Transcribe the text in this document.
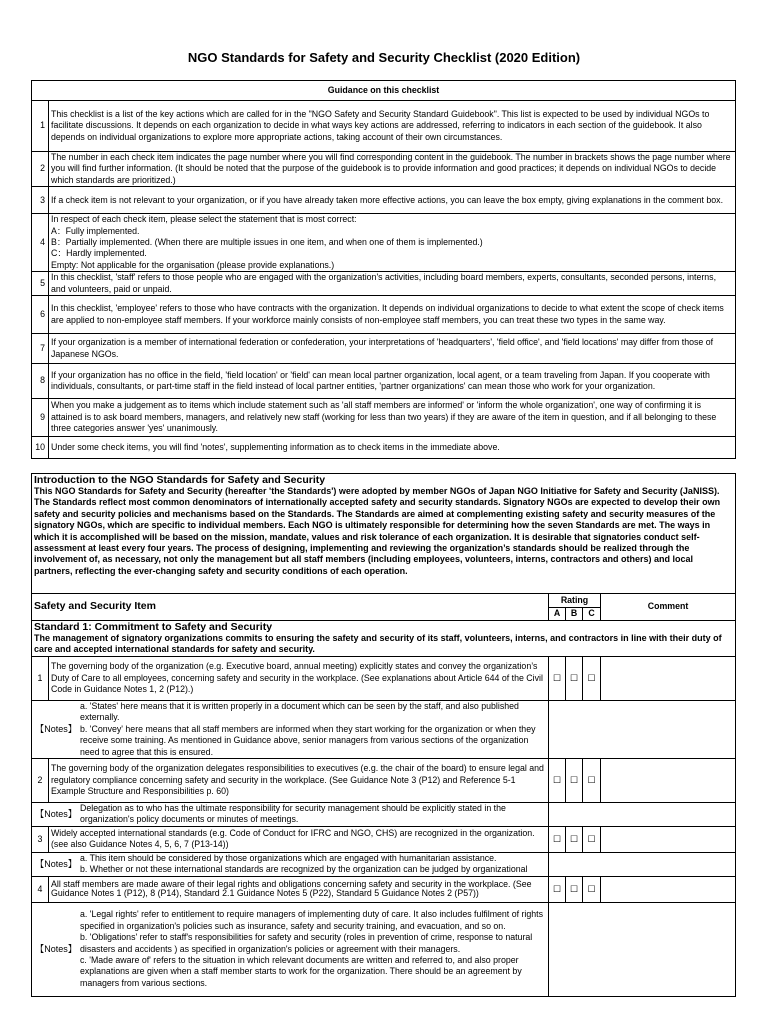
NGO Standards for Safety and Security Checklist (2020 Edition)
Guidance on this checklist	
1	This checklist is a list of the key actions which are called for in the "NGO Safety and Security Standard Guidebook". This list is expected to be used by individual NGOs to facilitate discussions. It depends on each organization to decide in what ways key actions are addressed, referring to indicators in each section of the guidebook. It also depends on individual organizations to explore more appropriate actions, taking account of their own circumstances.
2	The number in each check item indicates the page number where you will find corresponding content in the guidebook. The number in brackets shows the page number where you will find further information. (It should be noted that the purpose of the guidebook is to provide information and good practices; it depends on individual NGOs to decide which standards are prioritized.)
3	If a check item is not relevant to your organization, or if you have already taken more effective actions, you can leave the box empty, giving explanations in the comment box.
4	In respect of each check item, please select the statement that is most correct:
A：Fully implemented.
B：Partially implemented. (When there are multiple issues in one item, and when one of them is implemented.)
C：Hardly implemented.
Empty: Not applicable for the organisation (please provide explanations.)
5	In this checklist, 'staff' refers to those people who are engaged with the organization's activities, including board members, experts, consultants, seconded persons, interns, and volunteers, paid or unpaid.
6	In this checklist, 'employee' refers to those who have contracts with the organization. It depends on individual organizations to decide to what extent the scope of check items are applied to non-employee staff members. If your workforce mainly consists of non-employee staff members, you can treat these two types in the same way.
7	If your organization is a member of international federation or confederation, your interpretations of 'headquarters', 'field office', and 'field locations' may differ from those of Japanese NGOs.
8	If your organization has no office in the field, 'field location' or 'field' can mean local partner organization, local agent, or a team traveling from Japan. If you cooperate with individuals, consultants, or part-time staff in the field instead of local partner entities, 'partner organizations' can mean those who work for your organization.
9	When you make a judgement as to items which include statement such as 'all staff members are informed' or 'inform the whole organization', one way of confirming it is attained is to ask board members, managers, and relatively new staff (working for less than two years) if they are aware of the item in question, and if all belonging to these three categories answer 'yes' unanimously.
10	Under some check items, you will find 'notes', supplementing information as to check items in the immediate above.
Introduction to the NGO Standards for Safety and Security
This NGO Standards for Safety and Security (hereafter 'the Standards') were adopted by member NGOs of Japan NGO Initiative for Safety and Security (JaNISS). The Standards reflect most common denominators of internationally accepted safety and security standards. Signatory NGOs are expected to develop their own safety and security policies and mechanisms based on the Standards. The Standards are aimed at complementing existing safety and security measures of the signatory NGOs, which are specific to individual members. Each NGO is ultimately responsible for determining how the seven Standards are met. The ways in which it is accomplished will be based on the mission, mandate, values and risk tolerance of each organization. It is desirable that signatories conduct self-assessment at least every four years. The process of designing, implementing and reviewing the organization’s standards should be realized through the involvement of, as necessary, not only the management but all staff members (including employees, volunteers, interns, contractors and others) and local partners, reflecting the ever-changing safety and security conditions of each operation.					

Safety and Security Item		Rating			Comment
		A	B	C	

Standard 1: Commitment to Safety and Security
The management of signatory organizations commits to ensuring the safety and security of its staff, volunteers, interns, and contractors in line with their duty of care and accepted international standards for safety and security.					

1	The governing body of the organization (e.g. Executive board, annual meeting) explicitly states and convey the organization’s Duty of Care to all employees, concerning safety and security in the workplace. (See explanations about Article 644 of the Civil Code in Guidance Notes 1, 2 (P12).)	☐	☐	☐	

【Notes】
a. 'States' here means that it is written properly in a document which can be seen by the staff, and also published externally.
b. 'Convey' here means that all staff members are informed when they start working for the organization or when they receive some training. As mentioned in Guidance above, senior managers from various sections of the organization need to agree that this is ensured.					

2	The governing body of the organization delegates responsibilities to executives (e.g. the chair of the board) to ensure legal and regulatory compliance concerning safety and security in the workplace. (See Guidance Note 3 (P12) and Reference 5-1 Example Structure and Responsibilities p. 60)	☐	☐	☐	

【Notes】
Delegation as to who has the ultimate responsibility for security management should be explicitly stated in the organization's policy documents or minutes of meetings.					

3	Widely accepted international standards (e.g. Code of Conduct for IFRC and NGO, CHS) are recognized in the organization. (see also Guidance Notes 4, 5, 6, 7 (P13-14))	☐	☐	☐	

【Notes】
a. This item should be considered by those organizations which are engaged with humanitarian assistance.
b. Whether or not these international standards are recognized by the organization can be judged by organizational					

4	All staff members are made aware of their legal rights and obligations concerning safety and security in the workplace. (See Guidance Notes 1 (P12), 8 (P14), Standard 2.1 Guidance Notes 5 (P22), Standard 5 Guidance Notes 2 (P57))	☐	☐	☐	

【Notes】
a. 'Legal rights' refer to entitlement to require managers of implementing duty of care. It also includes fulfilment of rights specified in organization's policies such as insurance, safety and security training, and evacuation, and so on.
b. 'Obligations' refer to staff's responsibilities for safety and security (roles in prevention of crime, response to natural disasters and accidents ) as specified in organization's policies or agreement with their managers.
c. 'Made aware of' refers to the situation in which relevant documents are written and referred to, and also proper explanations are given when a staff member starts to work for the organization. There should be an agreement by managers from various sections.					
